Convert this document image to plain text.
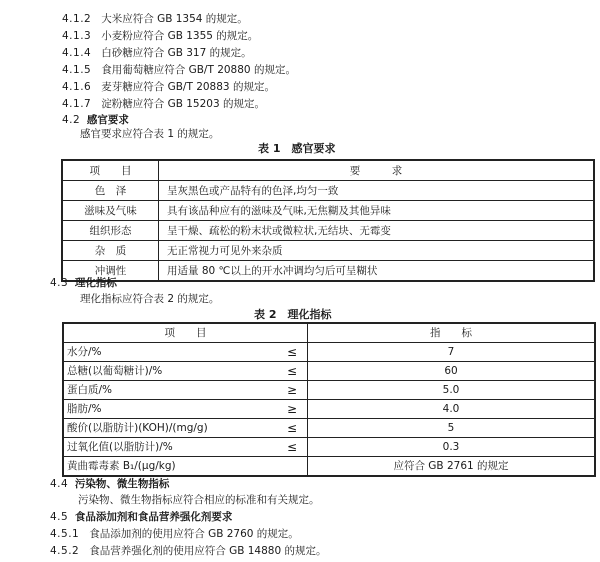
4.1.2 大米应符合 GB 1354 的规定。
4.1.3 小麦粉应符合 GB 1355 的规定。
4.1.4 白砂糖应符合 GB 317 的规定。
4.1.5 食用葡萄糖应符合 GB/T 20880 的规定。
4.1.6 麦芽糖应符合 GB/T 20883 的规定。
4.1.7 淀粉糖应符合 GB 15203 的规定。
4.2 感官要求
感官要求应符合表 1 的规定。
表 1　感官要求
项　　目	要　　　求
色　泽	呈灰黑色或产品特有的色泽,均匀一致
滋味及气味	具有该品种应有的滋味及气味,无焦糊及其他异味
组织形态	呈干燥、疏松的粉末状或微粒状,无结块、无霉变
杂　质	无正常视力可见外来杂质
冲调性	用适量 80 ℃以上的开水冲调均匀后可呈糊状
4.3 理化指标
理化指标应符合表 2 的规定。
表 2　理化指标
项　　目		指　　标
水分/%	≤	7
总糖(以葡萄糖计)/%	≤	60
蛋白质/%	≥	5.0
脂肪/%	≥	4.0
酸价(以脂肪计)(KOH)/(mg/g)	≤	5
过氧化值(以脂肪计)/%	≤	0.3
黄曲霉毒素 B₁/(μg/kg)		应符合 GB 2761 的规定
4.4 污染物、微生物指标
污染物、微生物指标应符合相应的标准和有关规定。
4.5 食品添加剂和食品营养强化剂要求
4.5.1 食品添加剂的使用应符合 GB 2760 的规定。
4.5.2 食品营养强化剂的使用应符合 GB 14880 的规定。
